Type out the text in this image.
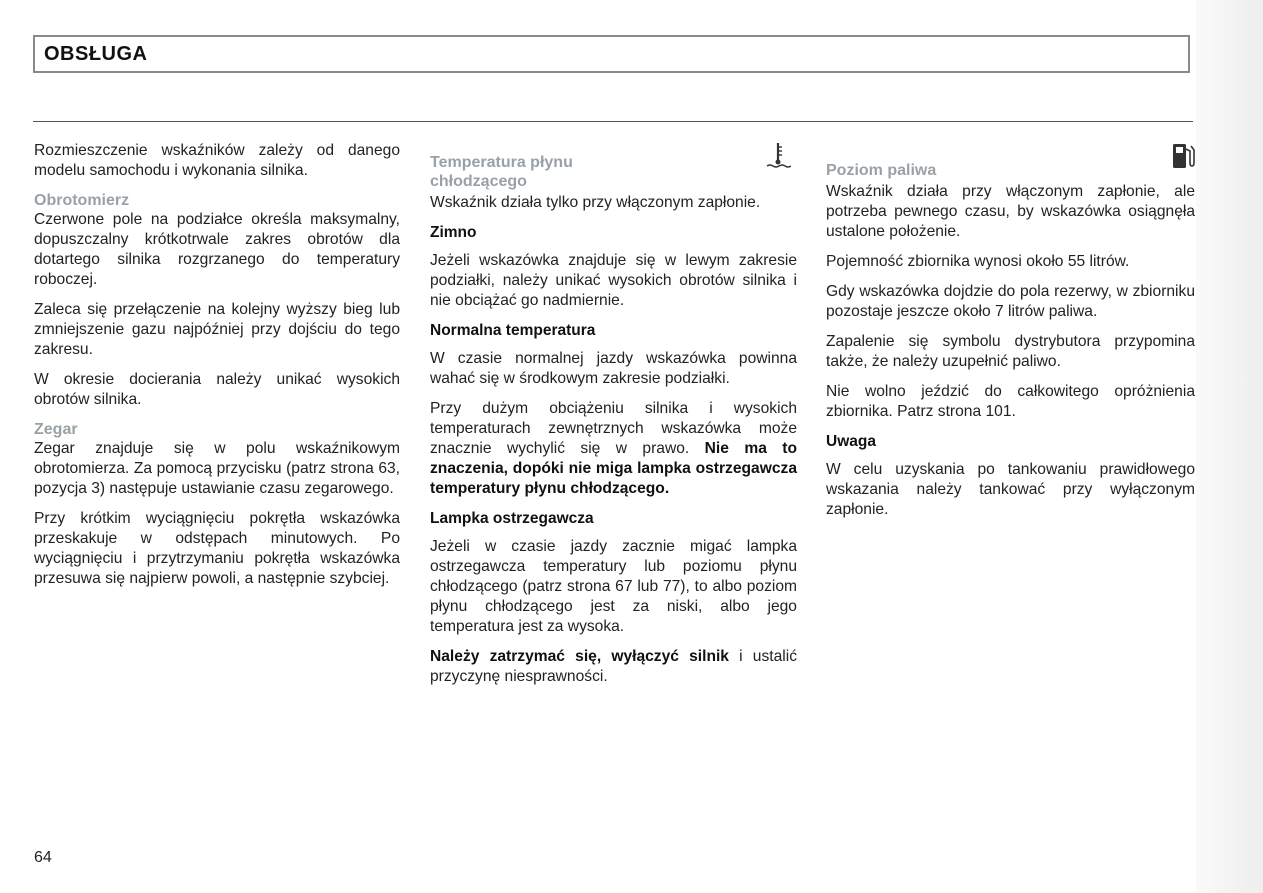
OBSŁUGA

Rozmieszczenie wskaźników zależy od danego modelu samochodu i wykonania silnika.

Obrotomierz

Czerwone pole na podziałce określa maksymalny, dopuszczalny krótkotrwale zakres obrotów dla dotartego silnika rozgrzanego do temperatury roboczej.

Zaleca się przełączenie na kolejny wyższy bieg lub zmniejszenie gazu najpóźniej przy dojściu do tego zakresu.

W okresie docierania należy unikać wysokich obrotów silnika.

Zegar

Zegar znajduje się w polu wskaźnikowym obrotomierza. Za pomocą przycisku (patrz strona 63, pozycja 3) następuje ustawianie czasu zegarowego.

Przy krótkim wyciągnięciu pokrętła wskazówka przeskakuje w odstępach minutowych. Po wyciągnięciu i przytrzymaniu pokrętła wskazówka przesuwa się najpierw powoli, a następnie szybciej.

Temperatura płynu
chłodzącego

Wskaźnik działa tylko przy włączonym zapłonie.

Zimno

Jeżeli wskazówka znajduje się w lewym zakresie podziałki, należy unikać wysokich obrotów silnika i nie obciążać go nadmiernie.

Normalna temperatura

W czasie normalnej jazdy wskazówka powinna wahać się w środkowym zakresie podziałki.

Przy dużym obciążeniu silnika i wysokich temperaturach zewnętrznych wskazówka może znacznie wychylić się w prawo. Nie ma to znaczenia, dopóki nie miga lampka ostrzegawcza temperatury płynu chłodzącego.

Lampka ostrzegawcza

Jeżeli w czasie jazdy zacznie migać lampka ostrzegawcza temperatury lub poziomu płynu chłodzącego (patrz strona 67 lub 77), to albo poziom płynu chłodzącego jest za niski, albo jego temperatura jest za wysoka.

Należy zatrzymać się, wyłączyć silnik i ustalić przyczynę niesprawności.

Poziom paliwa

Wskaźnik działa przy włączonym zapłonie, ale potrzeba pewnego czasu, by wskazówka osiągnęła ustalone położenie.

Pojemność zbiornika wynosi około 55 litrów.

Gdy wskazówka dojdzie do pola rezerwy, w zbiorniku pozostaje jeszcze około 7 litrów paliwa.

Zapalenie się symbolu dystrybutora przypomina także, że należy uzupełnić paliwo.

Nie wolno jeździć do całkowitego opróżnienia zbiornika. Patrz strona 101.

Uwaga

W celu uzyskania po tankowaniu prawidłowego wskazania należy tankować przy wyłączonym zapłonie.

64
